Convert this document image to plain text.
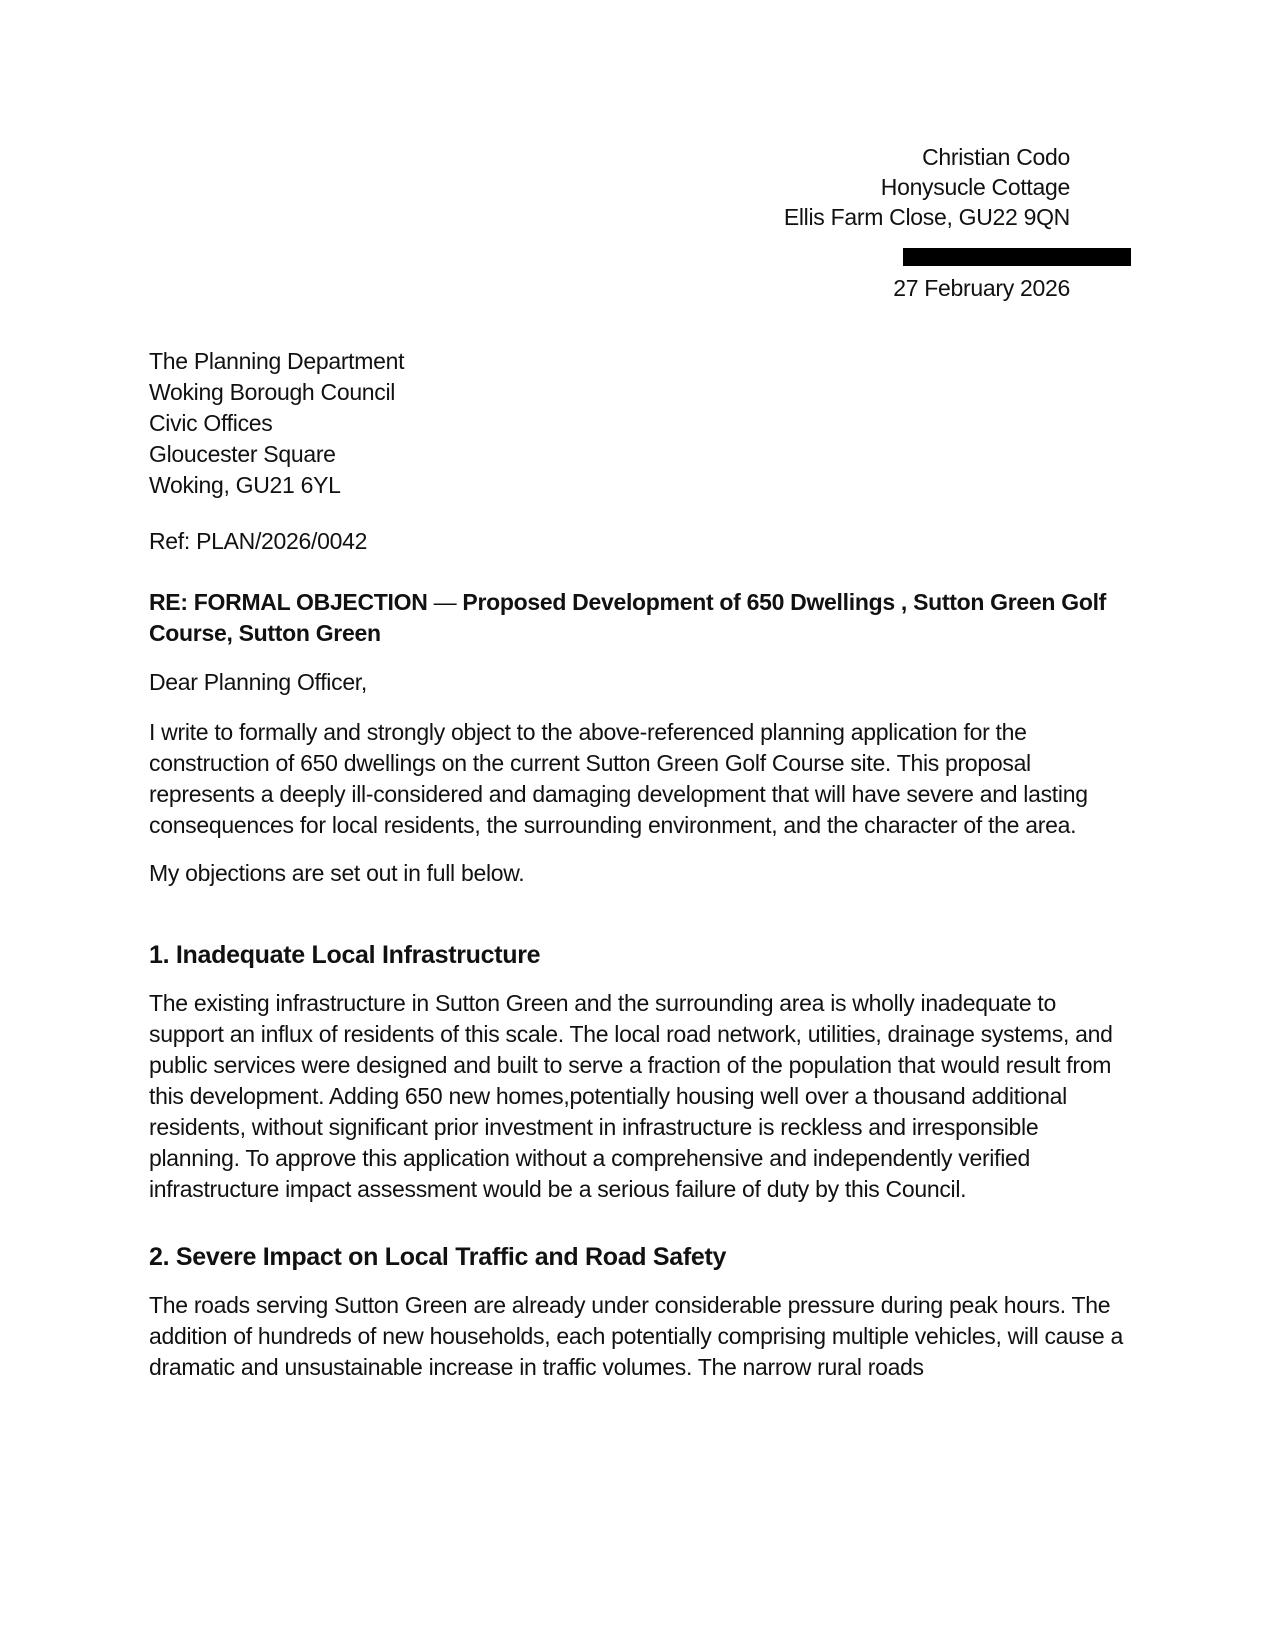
Christian Codo
Honysucle Cottage
Ellis Farm Close, GU22 9QN
27 February 2026
The Planning Department
Woking Borough Council
Civic Offices
Gloucester Square
Woking, GU21 6YL
Ref: PLAN/2026/0042
RE: FORMAL OBJECTION — Proposed Development of 650 Dwellings , Sutton Green Golf Course, Sutton Green
Dear Planning Officer,
I write to formally and strongly object to the above-referenced planning application for the construction of 650 dwellings on the current Sutton Green Golf Course site. This proposal represents a deeply ill-considered and damaging development that will have severe and lasting consequences for local residents, the surrounding environment, and the character of the area.
My objections are set out in full below.
1. Inadequate Local Infrastructure
The existing infrastructure in Sutton Green and the surrounding area is wholly inadequate to support an influx of residents of this scale. The local road network, utilities, drainage systems, and public services were designed and built to serve a fraction of the population that would result from this development. Adding 650 new homes,potentially housing well over a thousand additional residents, without significant prior investment in infrastructure is reckless and irresponsible planning. To approve this application without a comprehensive and independently verified infrastructure impact assessment would be a serious failure of duty by this Council.
2. Severe Impact on Local Traffic and Road Safety
The roads serving Sutton Green are already under considerable pressure during peak hours. The addition of hundreds of new households, each potentially comprising multiple vehicles, will cause a dramatic and unsustainable increase in traffic volumes. The narrow rural roads
